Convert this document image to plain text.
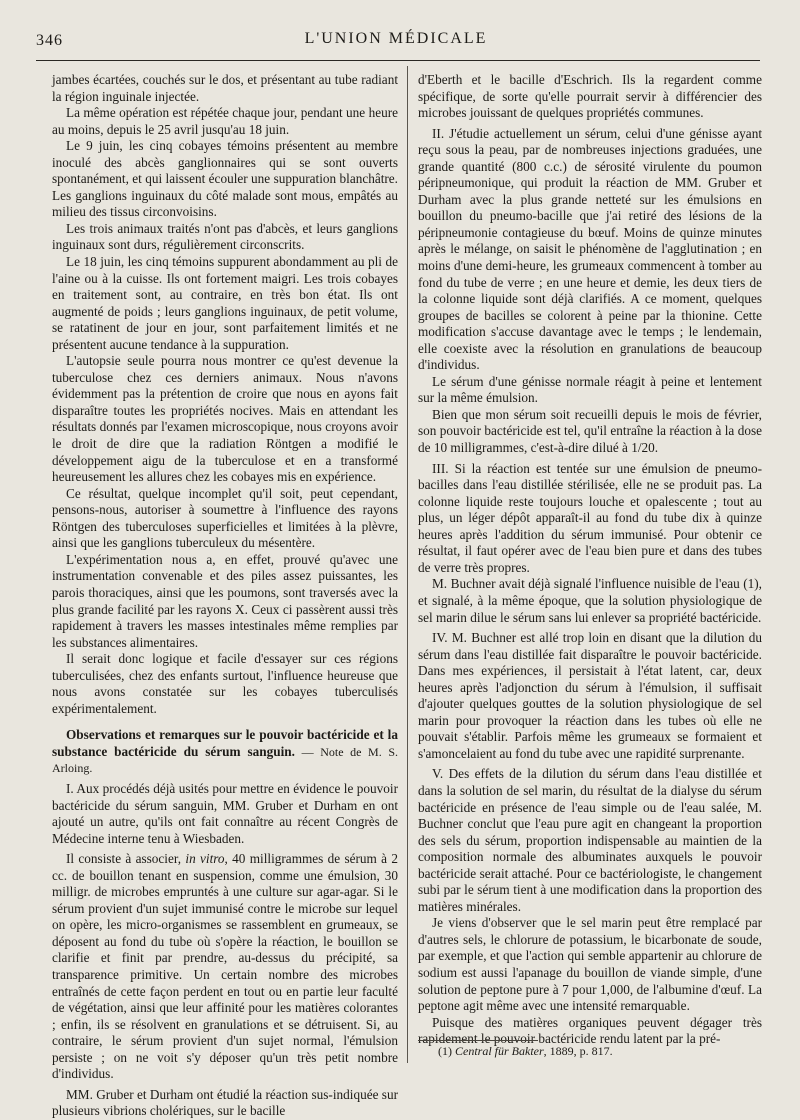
346	L'UNION MÉDICALE

jambes écartées, couchés sur le dos, et présentant au tube radiant la région inguinale injectée.

La même opération est répétée chaque jour, pendant une heure au moins, depuis le 25 avril jusqu'au 18 juin.

Le 9 juin, les cinq cobayes témoins présentent au membre inoculé des abcès ganglionnaires qui se sont ouverts spontanément, et qui laissent écouler une suppuration blanchâtre. Les ganglions inguinaux du côté malade sont mous, empâtés au milieu des tissus circonvoisins.

Les trois animaux traités n'ont pas d'abcès, et leurs ganglions inguinaux sont durs, régulièrement circonscrits.

Le 18 juin, les cinq témoins suppurent abondamment au pli de l'aine ou à la cuisse. Ils ont fortement maigri. Les trois cobayes en traitement sont, au contraire, en très bon état. Ils ont augmenté de poids ; leurs ganglions inguinaux, de petit volume, se ratatinent de jour en jour, sont parfaitement limités et ne présentent aucune tendance à la suppuration.

L'autopsie seule pourra nous montrer ce qu'est devenue la tuberculose chez ces derniers animaux. Nous n'avons évidemment pas la prétention de croire que nous en ayons fait disparaître toutes les propriétés nocives. Mais en attendant les résultats donnés par l'examen microscopique, nous croyons avoir le droit de dire que la radiation Röntgen a modifié le développement aigu de la tuberculose et en a transformé heureusement les allures chez les cobayes mis en expérience.

Ce résultat, quelque incomplet qu'il soit, peut cependant, pensons-nous, autoriser à soumettre à l'influence des rayons Röntgen des tuberculoses superficielles et limitées à la plèvre, ainsi que les ganglions tuberculeux du mésentère.

L'expérimentation nous a, en effet, prouvé qu'avec une instrumentation convenable et des piles assez puissantes, les parois thoraciques, ainsi que les poumons, sont traversés avec la plus grande facilité par les rayons X. Ceux ci passèrent aussi très rapidement à travers les masses intestinales même remplies par les substances alimentaires.

Il serait donc logique et facile d'essayer sur ces régions tuberculisées, chez des enfants surtout, l'influence heureuse que nous avons constatée sur les cobayes tuberculisés expérimentalement.

Observations et remarques sur le pouvoir bactéricide et la substance bactéricide du sérum sanguin. — Note de M. S. Arloing.

I. Aux procédés déjà usités pour mettre en évidence le pouvoir bactéricide du sérum sanguin, MM. Gruber et Durham en ont ajouté un autre, qu'ils ont fait connaître au récent Congrès de Médecine interne tenu à Wiesbaden.

Il consiste à associer, in vitro, 40 milligrammes de sérum à 2 cc. de bouillon tenant en suspension, comme une émulsion, 30 milligr. de microbes empruntés à une culture sur agar-agar. Si le sérum provient d'un sujet immunisé contre le microbe sur lequel on opère, les micro-organismes se rassemblent en grumeaux, se déposent au fond du tube où s'opère la réaction, le bouillon se clarifie et finit par prendre, au-dessus du précipité, sa transparence primitive. Un certain nombre des microbes entraînés de cette façon perdent en tout ou en partie leur faculté de végétation, ainsi que leur affinité pour les matières colorantes ; enfin, ils se résolvent en granulations et se détruisent. Si, au contraire, le sérum provient d'un sujet normal, l'émulsion persiste ; on ne voit s'y déposer qu'un très petit nombre d'individus.

MM. Gruber et Durham ont étudié la réaction sus-indiquée sur plusieurs vibrions cholériques, sur le bacille

d'Eberth et le bacille d'Eschrich. Ils la regardent comme spécifique, de sorte qu'elle pourrait servir à différencier des microbes jouissant de quelques propriétés communes.

II. J'étudie actuellement un sérum, celui d'une génisse ayant reçu sous la peau, par de nombreuses injections graduées, une grande quantité (800 c.c.) de sérosité virulente du poumon péripneumonique, qui produit la réaction de MM. Gruber et Durham avec la plus grande netteté sur les émulsions en bouillon du pneumo-bacille que j'ai retiré des lésions de la péripneumonie contagieuse du bœuf. Moins de quinze minutes après le mélange, on saisit le phénomène de l'agglutination ; en moins d'une demi-heure, les grumeaux commencent à tomber au fond du tube de verre ; en une heure et demie, les deux tiers de la colonne liquide sont déjà clarifiés. A ce moment, quelques groupes de bacilles se colorent à peine par la thionine. Cette modification s'accuse davantage avec le temps ; le lendemain, elle coexiste avec la résolution en granulations de beaucoup d'individus.

Le sérum d'une génisse normale réagit à peine et lentement sur la même émulsion.

Bien que mon sérum soit recueilli depuis le mois de février, son pouvoir bactéricide est tel, qu'il entraîne la réaction à la dose de 10 milligrammes, c'est-à-dire dilué à 1/20.

III. Si la réaction est tentée sur une émulsion de pneumo-bacilles dans l'eau distillée stérilisée, elle ne se produit pas. La colonne liquide reste toujours louche et opalescente ; tout au plus, un léger dépôt apparaît-il au fond du tube dix à quinze heures après l'addition du sérum immunisé. Pour obtenir ce résultat, il faut opérer avec de l'eau bien pure et dans des tubes de verre très propres.

M. Buchner avait déjà signalé l'influence nuisible de l'eau (1), et signalé, à la même époque, que la solution physiologique de sel marin dilue le sérum sans lui enlever sa propriété bactéricide.

IV. M. Buchner est allé trop loin en disant que la dilution du sérum dans l'eau distillée fait disparaître le pouvoir bactéricide. Dans mes expériences, il persistait à l'état latent, car, deux heures après l'adjonction du sérum à l'émulsion, il suffisait d'ajouter quelques gouttes de la solution physiologique de sel marin pour provoquer la réaction dans les tubes où elle ne pouvait s'établir. Parfois même les grumeaux se formaient et s'amoncelaient au fond du tube avec une rapidité surprenante.

V. Des effets de la dilution du sérum dans l'eau distillée et dans la solution de sel marin, du résultat de la dialyse du sérum bactéricide en présence de l'eau simple ou de l'eau salée, M. Buchner conclut que l'eau pure agit en changeant la proportion des sels du sérum, proportion indispensable au maintien de la composition normale des albuminates auxquels le pouvoir bactéricide serait attaché. Pour ce bactériologiste, le changement subi par le sérum tient à une modification dans la proportion des matières minérales.

Je viens d'observer que le sel marin peut être remplacé par d'autres sels, le chlorure de potassium, le bicarbonate de soude, par exemple, et que l'action qui semble appartenir au chlorure de sodium est aussi l'apanage du bouillon de viande simple, d'une solution de peptone pure à 7 pour 1,000, de l'albumine d'œuf. La peptone agit même avec une intensité remarquable.

Puisque des matières organiques peuvent dégager très rapidement le pouvoir bactéricide rendu latent par la pré-

(1) Central für Bakter, 1889, p. 817.
